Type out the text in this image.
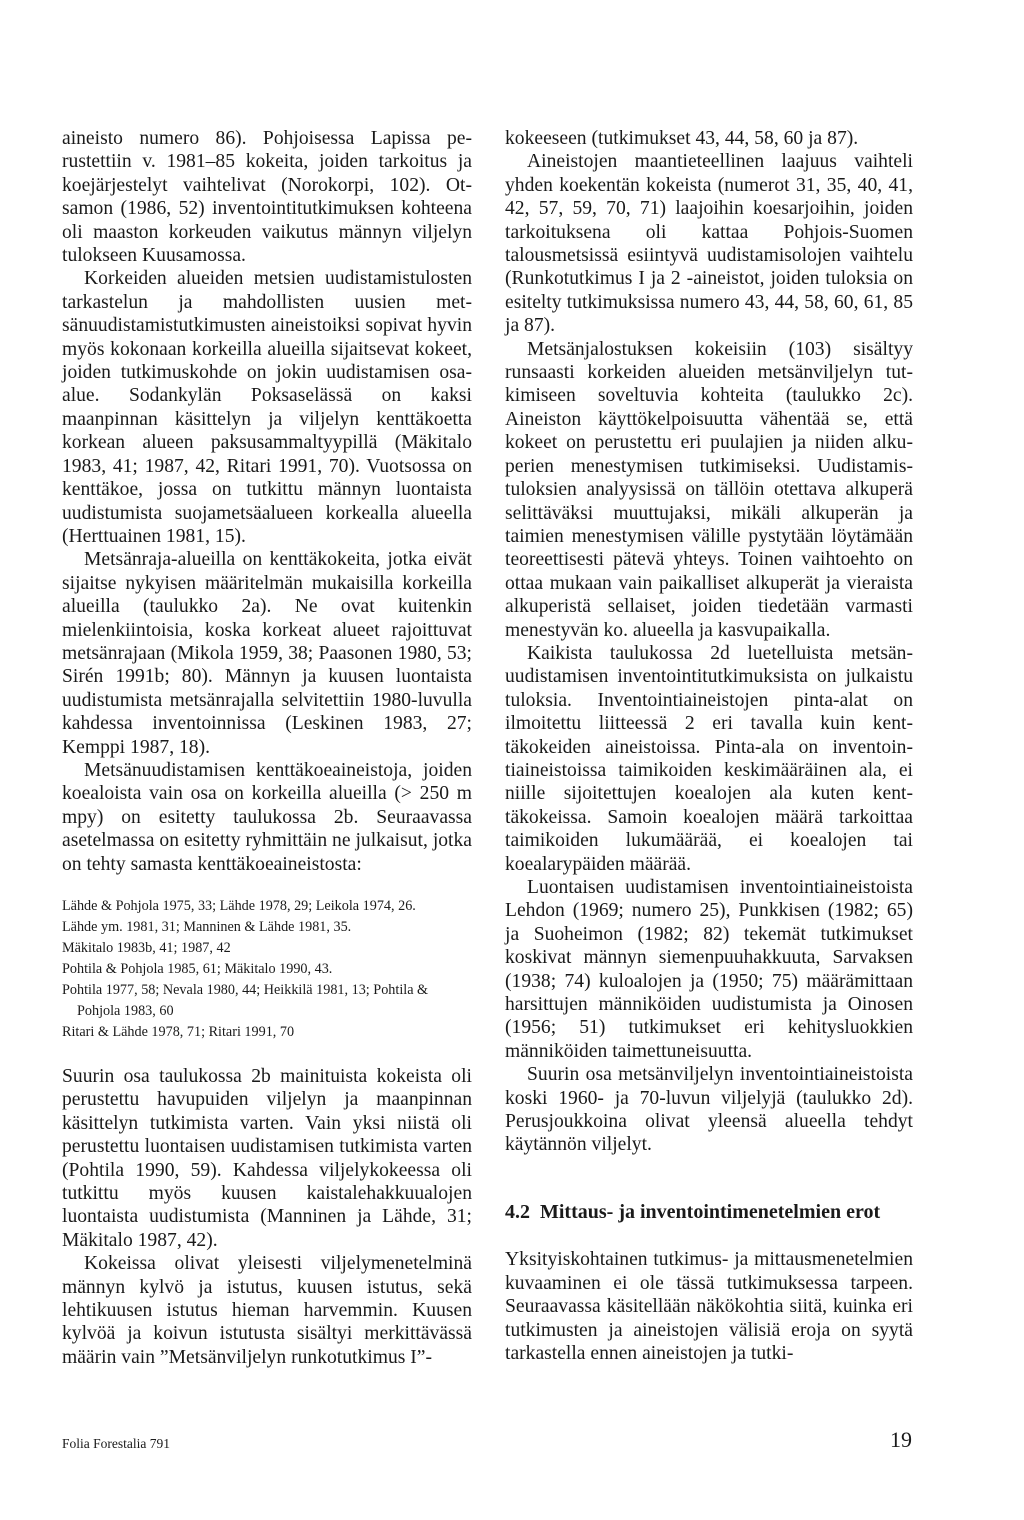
aineisto numero 86). Pohjoisessa Lapissa perustettiin v. 1981–85 kokeita, joiden tarkoitus ja koejärjestelyt vaihtelivat (Norokorpi, 102). Otsamon (1986, 52) inventointitutkimuksen kohteena oli maaston korkeuden vaikutus männyn viljelyn tulokseen Kuusamossa.

Korkeiden alueiden metsien uudistamistulosten tarkastelun ja mahdollisten uusien metsänuudistamistutkimusten aineistoiksi sopivat hyvin myös kokonaan korkeilla alueilla sijaitsevat kokeet, joiden tutkimuskohde on jokin uudistamisen osa-alue. Sodankylän Poksaselässä on kaksi maanpinnan käsittelyn ja viljelyn kenttäkoetta korkean alueen paksusammaltyypillä (Mäkitalo 1983, 41; 1987, 42, Ritari 1991, 70). Vuotsossa on kenttäkoe, jossa on tutkittu männyn luontaista uudistumista suojametsäalueen korkealla alueella (Herttuainen 1981, 15).

Metsänraja-alueilla on kenttäkokeita, jotka eivät sijaitse nykyisen määritelmän mukaisilla korkeilla alueilla (taulukko 2a). Ne ovat kuitenkin mielenkiintoisia, koska korkeat alueet rajoittuvat metsänrajaan (Mikola 1959, 38; Paasonen 1980, 53; Sirén 1991b; 80). Männyn ja kuusen luontaista uudistumista metsänrajalla selvitettiin 1980-luvulla kahdessa inventoinnissa (Leskinen 1983, 27; Kemppi 1987, 18).

Metsänuudistamisen kenttäkoeaineistoja, joiden koealoista vain osa on korkeilla alueilla (> 250 m mpy) on esitetty taulukossa 2b. Seuraavassa asetelmassa on esitetty ryhmittäin ne julkaisut, jotka on tehty samasta kenttäkoeaineistosta:

Lähde & Pohjola 1975, 33; Lähde 1978, 29; Leikola 1974, 26.
Lähde ym. 1981, 31; Manninen & Lähde 1981, 35.
Mäkitalo 1983b, 41; 1987, 42
Pohtila & Pohjola 1985, 61; Mäkitalo 1990, 43.
Pohtila 1977, 58; Nevala 1980, 44; Heikkilä 1981, 13; Pohtila & Pohjola 1983, 60
Ritari & Lähde 1978, 71; Ritari 1991, 70

Suurin osa taulukossa 2b mainituista kokeista oli perustettu havupuiden viljelyn ja maanpinnan käsittelyn tutkimista varten. Vain yksi niistä oli perustettu luontaisen uudistamisen tutkimista varten (Pohtila 1990, 59). Kahdessa viljelykokeessa oli tutkittu myös kuusen kaistalehakkuualojen luontaista uudistumista (Manninen ja Lähde, 31; Mäkitalo 1987, 42).

Kokeissa olivat yleisesti viljelymenetelminä männyn kylvö ja istutus, kuusen istutus, sekä lehtikuusen istutus hieman harvemmin. Kuusen kylvöä ja koivun istutusta sisältyi merkittävässä määrin vain ”Metsänviljelyn runkotutkimus I”-

kokeeseen (tutkimukset 43, 44, 58, 60 ja 87).

Aineistojen maantieteellinen laajuus vaihteli yhden koekentän kokeista (numerot 31, 35, 40, 41, 42, 57, 59, 70, 71) laajoihin koesarjoihin, joiden tarkoituksena oli kattaa Pohjois-Suomen talousmetsissä esiintyvä uudistamisolojen vaihtelu (Runkotutkimus I ja 2 -aineistot, joiden tuloksia on esitelty tutkimuksissa numero 43, 44, 58, 60, 61, 85 ja 87).

Metsänjalostuksen kokeisiin (103) sisältyy runsaasti korkeiden alueiden metsänviljelyn tutkimiseen soveltuvia kohteita (taulukko 2c). Aineiston käyttökelpoisuutta vähentää se, että kokeet on perustettu eri puulajien ja niiden alkuperien menestymisen tutkimiseksi. Uudistamistuloksien analyysissä on tällöin otettava alkuperä selittäväksi muuttujaksi, mikäli alkuperän ja taimien menestymisen välille pystytään löytämään teoreettisesti pätevä yhteys. Toinen vaihtoehto on ottaa mukaan vain paikalliset alkuperät ja vieraista alkuperistä sellaiset, joiden tiedetään varmasti menestyvän ko. alueella ja kasvupaikalla.

Kaikista taulukossa 2d luetelluista metsänuudistamisen inventointitutkimuksista on julkaistu tuloksia. Inventointiaineistojen pinta-alat on ilmoitettu liitteessä 2 eri tavalla kuin kenttäkokeiden aineistoissa. Pinta-ala on inventointiaineistoissa taimikoiden keskimääräinen ala, ei niille sijoitettujen koealojen ala kuten kenttäkokeissa. Samoin koealojen määrä tarkoittaa taimikoiden lukumäärää, ei koealojen tai koealarypäiden määrää.

Luontaisen uudistamisen inventointiaineistoista Lehdon (1969; numero 25), Punkkisen (1982; 65) ja Suoheimon (1982; 82) tekemät tutkimukset koskivat männyn siemenpuuhakkuuta, Sarvaksen (1938; 74) kuloalojen ja (1950; 75) määrämittaan harsittujen männiköiden uudistumista ja Oinosen (1956; 51) tutkimukset eri kehitysluokkien männiköiden taimettuneisuutta.

Suurin osa metsänviljelyn inventointiaineistoista koski 1960- ja 70-luvun viljelyjä (taulukko 2d). Perusjoukkoina olivat yleensä alueella tehdyt käytännön viljelyt.

4.2 Mittaus- ja inventointimenetelmien erot

Yksityiskohtainen tutkimus- ja mittausmenetelmien kuvaaminen ei ole tässä tutkimuksessa tarpeen. Seuraavassa käsitellään näkökohtia siitä, kuinka eri tutkimusten ja aineistojen välisiä eroja on syytä tarkastella ennen aineistojen ja tutki-

Folia Forestalia 791	19
